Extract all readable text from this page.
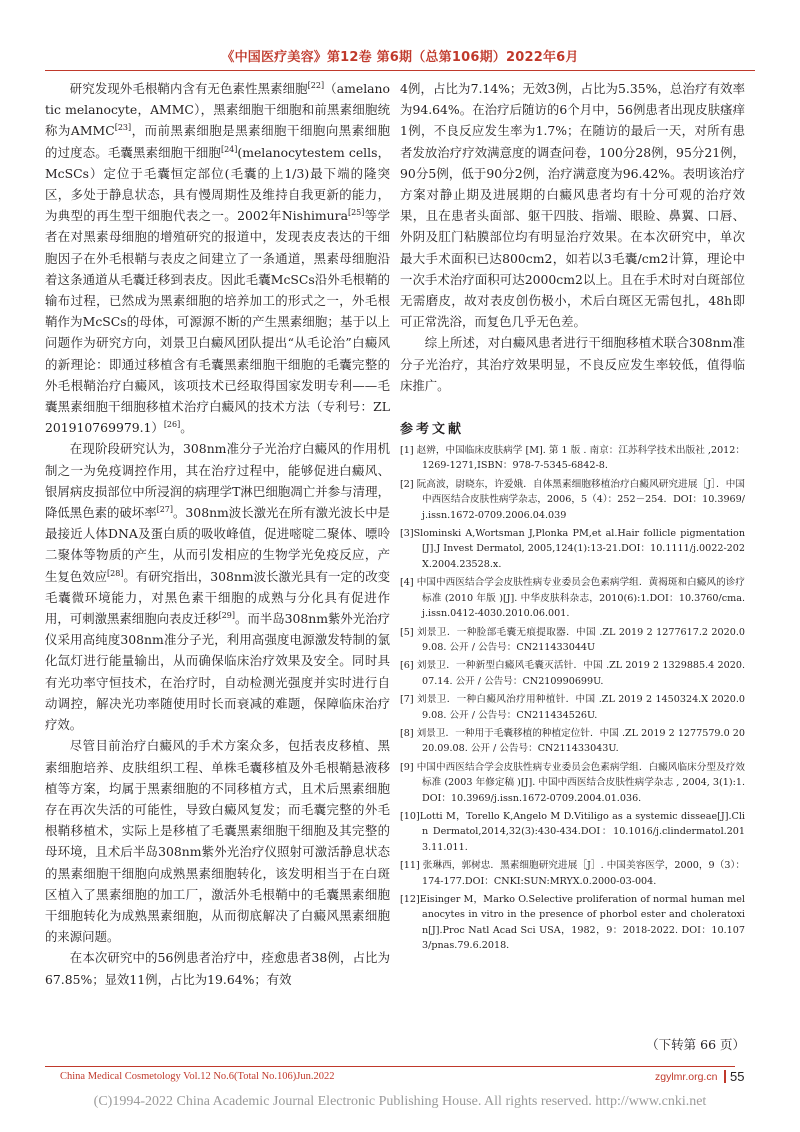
《中国医疗美容》第12卷 第6期（总第106期）2022年6月

研究发现外毛根鞘内含有无色素性黑素细胞[22]（amelanotic melanocyte，AMMC），黑素细胞干细胞和前黑素细胞统称为AMMC[23]，而前黑素细胞是黑素细胞干细胞向黑素细胞的过度态。毛囊黑素细胞干细胞[24](melanocytestem cells，McSCs）定位于毛囊恒定部位(毛囊的上1/3)最下端的隆突区，多处于静息状态，具有慢周期性及维持自我更新的能力，为典型的再生型干细胞代表之一。2002年Nishimura[25]等学者在对黑素母细胞的增殖研究的报道中，发现表皮表达的干细胞因子在外毛根鞘与表皮之间建立了一条通道，黑素母细胞沿着这条通道从毛囊迁移到表皮。因此毛囊McSCs沿外毛根鞘的输布过程，已然成为黑素细胞的培养加工的形式之一，外毛根鞘作为McSCs的母体，可源源不断的产生黑素细胞；基于以上问题作为研究方向，刘景卫白癜风团队提出“从毛论治”白癜风的新理论：即通过移植含有毛囊黑素细胞干细胞的毛囊完整的外毛根鞘治疗白癜风，该项技术已经取得国家发明专利——毛囊黑素细胞干细胞移植术治疗白癜风的技术方法（专利号：ZL201910769979.1）[26]。

在现阶段研究认为，308nm准分子光治疗白癜风的作用机制之一为免疫调控作用，其在治疗过程中，能够促进白癜风、银屑病皮损部位中所浸润的病理学T淋巴细胞凋亡并参与清理，降低黑色素的破坏率[27]。308nm波长激光在所有激光波长中是最接近人体DNA及蛋白质的吸收峰值，促进嘧啶二聚体、嘌呤二聚体等物质的产生，从而引发相应的生物学光免疫反应，产生复色效应[28]。有研究指出，308nm波长激光具有一定的改变毛囊微环境能力，对黑色素干细胞的成熟与分化具有促进作用，可刺激黑素细胞向表皮迁移[29]。而半岛308nm紫外光治疗仪采用高纯度308nm准分子光，利用高强度电源激发特制的氯化氙灯进行能量输出，从而确保临床治疗效果及安全。同时具有光功率守恒技术，在治疗时，自动检测光强度并实时进行自动调控，解决光功率随使用时长而衰减的难题，保障临床治疗疗效。

尽管目前治疗白癜风的手术方案众多，包括表皮移植、黑素细胞培养、皮肤组织工程、单株毛囊移植及外毛根鞘悬液移植等方案，均属于黑素细胞的不同移植方式，且术后黑素细胞存在再次失活的可能性，导致白癜风复发；而毛囊完整的外毛根鞘移植术，实际上是移植了毛囊黑素细胞干细胞及其完整的母环境，且术后半岛308nm紫外光治疗仪照射可激活静息状态的黑素细胞干细胞向成熟黑素细胞转化，该发明相当于在白斑区植入了黑素细胞的加工厂，激活外毛根鞘中的毛囊黑素细胞干细胞转化为成熟黑素细胞，从而彻底解决了白癜风黑素细胞的来源问题。

在本次研究中的56例患者治疗中，痊愈患者38例，占比为67.85%；显效11例，占比为19.64%；有效

4例，占比为7.14%；无效3例，占比为5.35%，总治疗有效率为94.64%。在治疗后随访的6个月中，56例患者出现皮肤瘙痒1例，不良反应发生率为1.7%；在随访的最后一天，对所有患者发放治疗疗效满意度的调查问卷，100分28例，95分21例，90分5例，低于90分2例，治疗满意度为96.42%。表明该治疗方案对静止期及进展期的白癜风患者均有十分可观的治疗效果，且在患者头面部、躯干四肢、指端、眼睑、鼻翼、口唇、外阴及肛门粘膜部位均有明显治疗效果。在本次研究中，单次最大手术面积已达800cm2，如若以3毛囊/cm2计算，理论中一次手术治疗面积可达2000cm2以上。且在手术时对白斑部位无需磨皮，故对表皮创伤极小，术后白斑区无需包扎，48h即可正常洗浴，而复色几乎无色差。

综上所述，对白癜风患者进行干细胞移植术联合308nm准分子光治疗，其治疗效果明显，不良反应发生率较低，值得临床推广。

参考文献
[1] 赵辨，中国临床皮肤病学 [M]. 第 1 版 . 南京：江苏科学技术出版社 ,2012：1269-1271,ISBN：978-7-5345-6842-8.
[2] 阮高波，尉晓东，许爱娥．自体黑素细胞移植治疗白癜风研究进展［J］．中国中西医结合皮肤性病学杂志，2006，5（4）：252－254．DOI：10.3969/j.issn.1672-0709.2006.04.039
[3]Slominski A,Wortsman J,Plonka PM,et al.Hair follicle pigmentation [J].J Invest Dermatol, 2005,124(1):13-21.DOI：10.1111/j.0022-202X.2004.23528.x.
[4] 中国中西医结合学会皮肤性病专业委员会色素病学组．黄褐斑和白癜风的诊疗标准 (2010 年版 )[J]. 中华皮肤科杂志，2010(6):1.DOI：10.3760/cma.j.issn.0412-4030.2010.06.001.
[5] 刘景卫．一种脸部毛囊无痕提取器．中国 .ZL 2019 2 1277617.2 2020.09.08. 公开 / 公告号：CN211433044U
[6] 刘景卫．一种新型白癜风毛囊灭活针．中国 .ZL 2019 2 1329885.4 2020.07.14. 公开 / 公告号：CN210990699U.
[7] 刘景卫．一种白癜风治疗用种植针．中国 .ZL 2019 2 1450324.X 2020.09.08. 公开 / 公告号：CN211434526U.
[8] 刘景卫．一种用于毛囊移植的种植定位针．中国 .ZL 2019 2 1277579.0 2020.09.08. 公开 / 公告号：CN211433043U.
[9] 中国中西医结合学会皮肤性病专业委员会色素病学组．白癜风临床分型及疗效标准 (2003 年修定稿 )[J]. 中国中西医结合皮肤性病学杂志 , 2004, 3(1):1.DOI：10.3969/j.issn.1672-0709.2004.01.036.
[10]Lotti M，Torello K,Angelo M D.Vitiligo as a systemic disseae[J].Clin Dermatol,2014,32(3):430-434.DOI：10.1016/j.clindermatol.2013.11.011.
[11] 张琳西，郭树忠．黑素细胞研究进展［J］. 中国美容医学，2000，9（3）：174-177.DOI：CNKI:SUN:MRYX.0.2000-03-004.
[12]Eisinger M，Marko O.Selective proliferation of normal human melanocytes in vitro in the presence of phorbol ester and choleratoxin[J].Proc Natl Acad Sci USA，1982，9：2018-2022. DOI：10.1073/pnas.79.6.2018.
（下转第 66 页）
China Medical Cosmetology Vol.12 No.6(Total No.106)Jun.2022	zgylmr.org.cn 55
(C)1994-2022 China Academic Journal Electronic Publishing House. All rights reserved. http://www.cnki.net
